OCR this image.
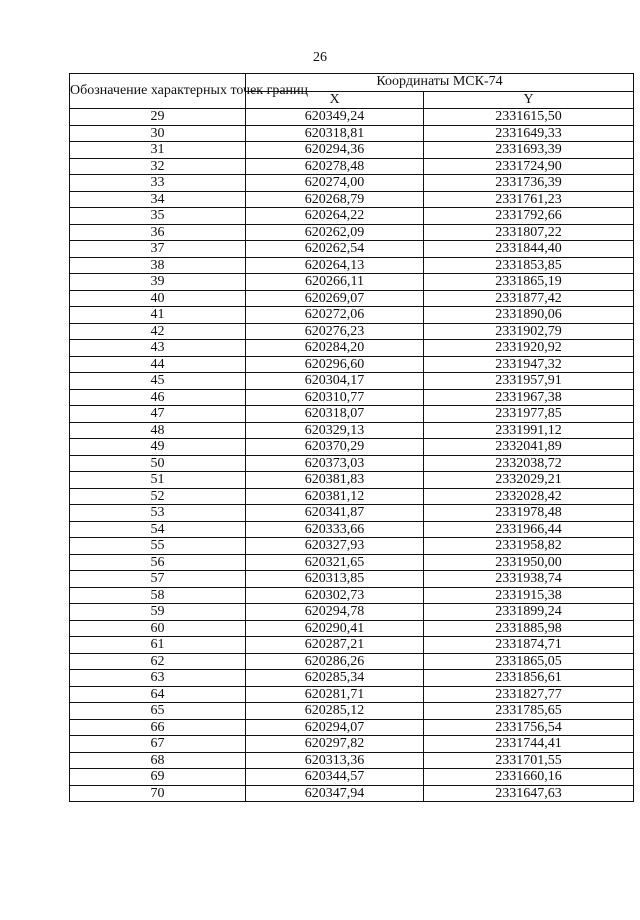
26
Обозначение характерных точек границ	Координаты МСК-74	
	X	Y
29	620349,24	2331615,50
30	620318,81	2331649,33
31	620294,36	2331693,39
32	620278,48	2331724,90
33	620274,00	2331736,39
34	620268,79	2331761,23
35	620264,22	2331792,66
36	620262,09	2331807,22
37	620262,54	2331844,40
38	620264,13	2331853,85
39	620266,11	2331865,19
40	620269,07	2331877,42
41	620272,06	2331890,06
42	620276,23	2331902,79
43	620284,20	2331920,92
44	620296,60	2331947,32
45	620304,17	2331957,91
46	620310,77	2331967,38
47	620318,07	2331977,85
48	620329,13	2331991,12
49	620370,29	2332041,89
50	620373,03	2332038,72
51	620381,83	2332029,21
52	620381,12	2332028,42
53	620341,87	2331978,48
54	620333,66	2331966,44
55	620327,93	2331958,82
56	620321,65	2331950,00
57	620313,85	2331938,74
58	620302,73	2331915,38
59	620294,78	2331899,24
60	620290,41	2331885,98
61	620287,21	2331874,71
62	620286,26	2331865,05
63	620285,34	2331856,61
64	620281,71	2331827,77
65	620285,12	2331785,65
66	620294,07	2331756,54
67	620297,82	2331744,41
68	620313,36	2331701,55
69	620344,57	2331660,16
70	620347,94	2331647,63
